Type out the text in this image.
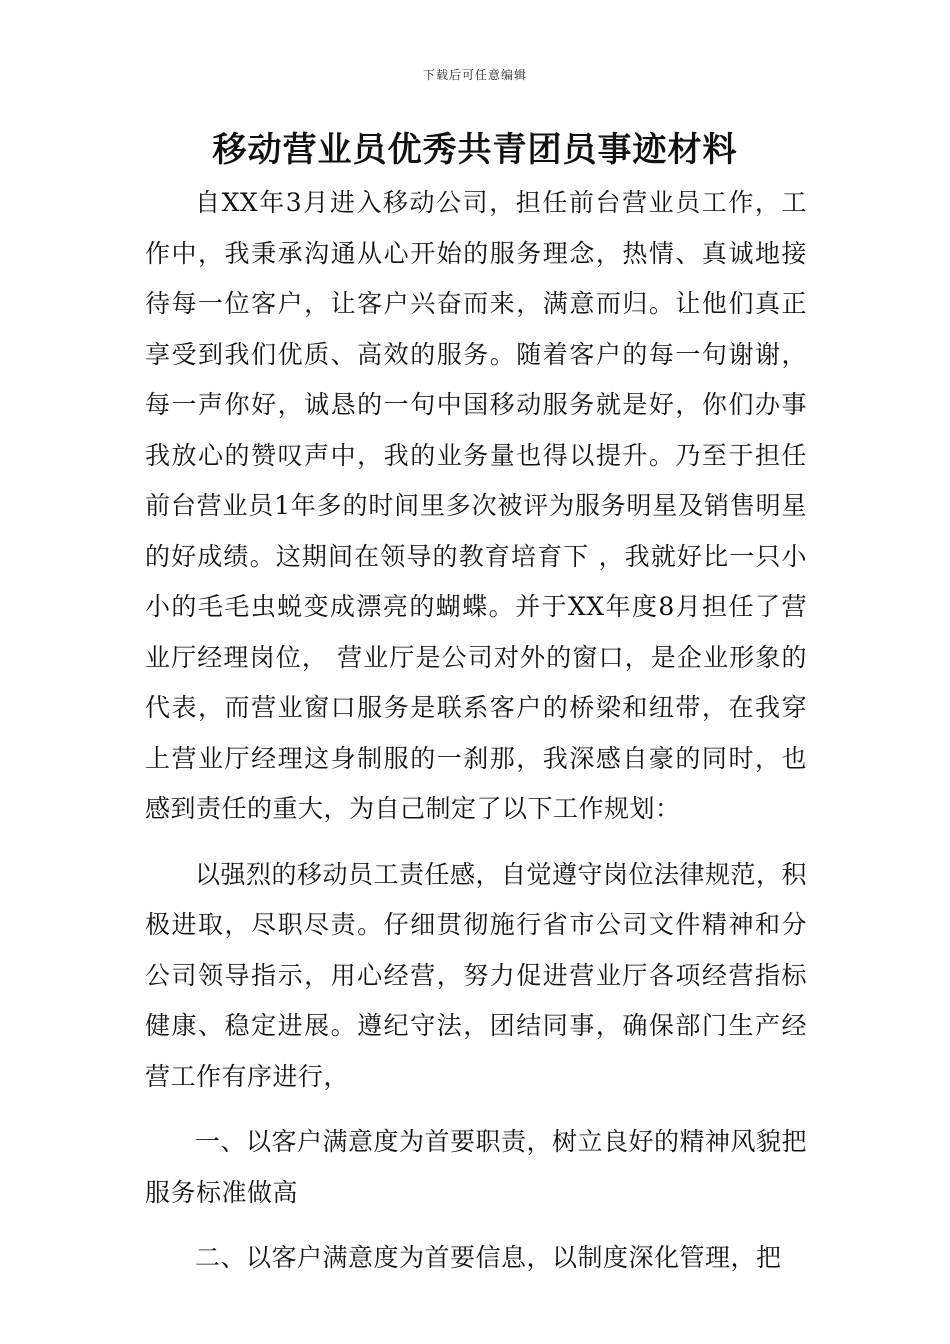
下载后可任意编辑
移动营业员优秀共青团员事迹材料

自XX年3月进入移动公司，担任前台营业员工作，工作中，我秉承沟通从心开始的服务理念，热情、真诚地接待每一位客户，让客户兴奋而来，满意而归。让他们真正享受到我们优质、高效的服务。随着客户的每一句谢谢，每一声你好，诚恳的一句中国移动服务就是好，你们办事我放心的赞叹声中，我的业务量也得以提升。乃至于担任前台营业员1年多的时间里多次被评为服务明星及销售明星的好成绩。这期间在领导的教育培育下 ，我就好比一只小小的毛毛虫蜕变成漂亮的蝴蝶。并于XX年度8月担任了营业厅经理岗位， 营业厅是公司对外的窗口，是企业形象的代表，而营业窗口服务是联系客户的桥梁和纽带，在我穿上营业厅经理这身制服的一刹那，我深感自豪的同时，也感到责任的重大，为自己制定了以下工作规划：

以强烈的移动员工责任感，自觉遵守岗位法律规范，积极进取，尽职尽责。仔细贯彻施行省市公司文件精神和分公司领导指示，用心经营，努力促进营业厅各项经营指标健康、稳定进展。遵纪守法，团结同事，确保部门生产经营工作有序进行，

一、以客户满意度为首要职责，树立良好的精神风貌把服务标准做高

二、以客户满意度为首要信息，以制度深化管理，把
